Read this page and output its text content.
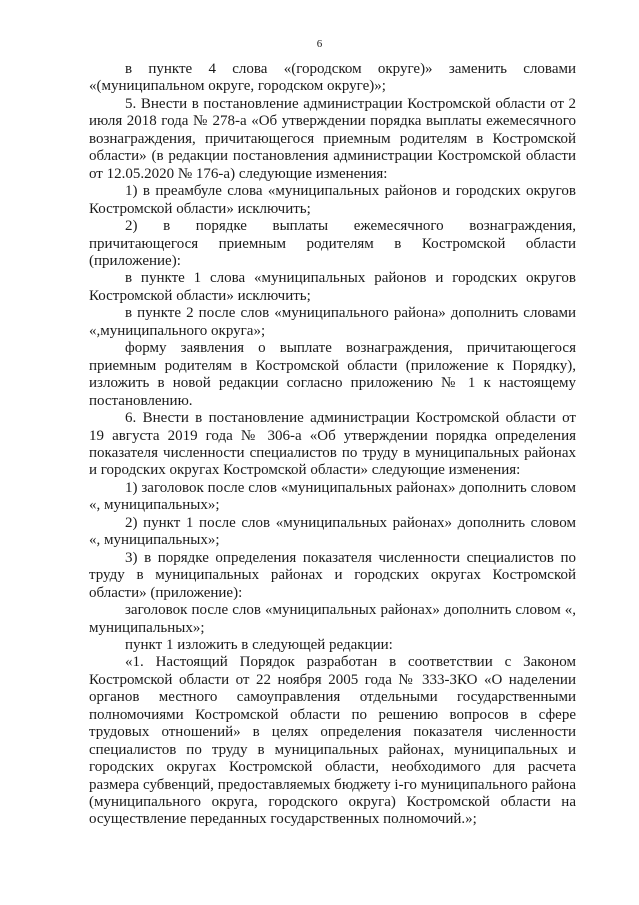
6

в пункте 4 слова «(городском округе)» заменить словами «(муниципальном округе, городском округе)»;

5. Внести в постановление администрации Костромской области от 2 июля 2018 года № 278-а «Об утверждении порядка выплаты ежемесячного вознаграждения, причитающегося приемным родителям в Костромской области» (в редакции постановления администрации Костромской области от 12.05.2020 № 176-а) следующие изменения:

1) в преамбуле слова «муниципальных районов и городских округов Костромской области» исключить;

2) в порядке выплаты ежемесячного вознаграждения, причитающегося приемным родителям в Костромской области (приложение):

в пункте 1 слова «муниципальных районов и городских округов Костромской области» исключить;

в пункте 2 после слов «муниципального района» дополнить словами «,муниципального округа»;

форму заявления о выплате вознаграждения, причитающегося приемным родителям в Костромской области (приложение к Порядку), изложить в новой редакции согласно приложению № 1 к настоящему постановлению.

6. Внести в постановление администрации Костромской области от 19 августа 2019 года № 306-а «Об утверждении порядка определения показателя численности специалистов по труду в муниципальных районах и городских округах Костромской области» следующие изменения:

1) заголовок после слов «муниципальных районах» дополнить словом «, муниципальных»;

2) пункт 1 после слов «муниципальных районах» дополнить словом «, муниципальных»;

3) в порядке определения показателя численности специалистов по труду в муниципальных районах и городских округах Костромской области» (приложение):

заголовок после слов «муниципальных районах» дополнить словом «, муниципальных»;

пункт 1 изложить в следующей редакции:

«1. Настоящий Порядок разработан в соответствии с Законом Костромской области от 22 ноября 2005 года № 333-ЗКО «О наделении органов местного самоуправления отдельными государственными полномочиями Костромской области по решению вопросов в сфере трудовых отношений» в целях определения показателя численности специалистов по труду в муниципальных районах, муниципальных и городских округах Костромской области, необходимого для расчета размера субвенций, предоставляемых бюджету i-го муниципального района (муниципального округа, городского округа) Костромской области на осуществление переданных государственных полномочий.»;
